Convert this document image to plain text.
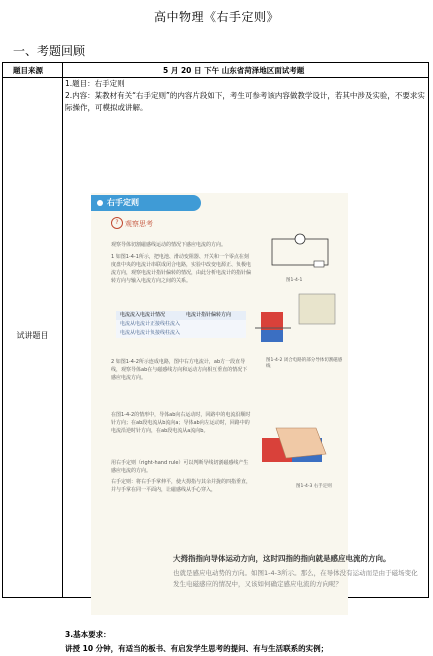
高中物理《右手定则》
一、考题回顾
题目来源	5 月 20 日 下午 山东省菏泽地区面试考题
试讲题目

1.题目：右手定则

2.内容：某教材有关“右手定则”的内容片段如下，考生可参考该内容做教学设计，若其中涉及实验，不要求实际操作，可模拟或讲解。

右手定则
? 观察思考
观察导体切割磁感线运动的情况下感应电流的方向。
1 如图1-4-1所示，把电池、滑动变阻器、开关和一个零点在刻度盘中央的电流计串联成闭合电路，实验中改变电源正、负极电流方向，观察电流计指针偏转的情况，由此分析电流计的指针偏转方向与输入电流方向之间的关系。
电流流入电流计情况	电流计指针偏转方向
电流从电流计正接线柱流入
电流从电流计负接线柱流入
2 如图1-4-2所示连成电路，图中右方电流计，ab方一段直导线，观察导体ab在与磁感线方向和运动方向相互垂直的情况下感应电流方向。
在图1-4-2的情形中，导体ab向右运动时，回路中的电流沿顺时针方向；在ab段电流从b流向a；导体ab向左运动时，回路中的电流沿逆时针方向，在ab段电流从a流向b。
用右手定则（right-hand rule）可以判断导线切割磁感线产生感应电流的方向。
右手定则：将右手手掌伸平，使大拇指与其余并拢的四指垂直，并与手掌在同一平面内，让磁感线从手心穿入，
图1-4-1
图1-4-2 闭合电路的部分导体切割磁感线
图1-4-3 右手定则
大拇指指向导体运动方向，这时四指的指向就是感应电流的方向。
也就是感应电动势的方向。如图1-4-3所示。那么，在导体没有运动而是由于磁场变化发生电磁感应的情况中，又该如何确定感应电流的方向呢？
3.基本要求：
讲授 10 分钟，有适当的板书、有启发学生思考的提问、有与生活联系的实例；
